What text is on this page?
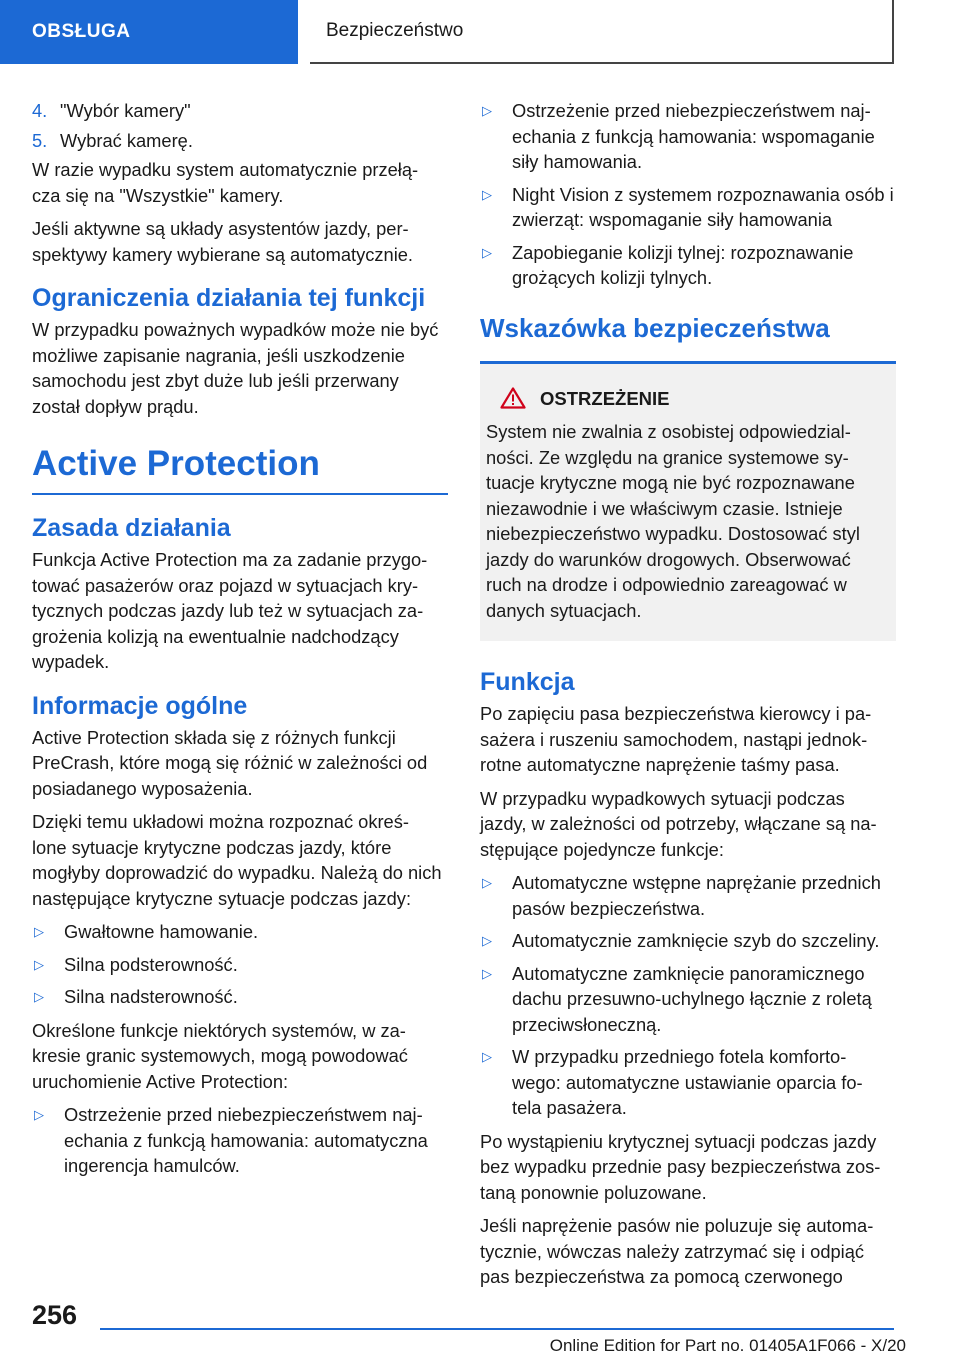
OBSŁUGA	Bezpieczeństwo
4. "Wybór kamery"
5. Wybrać kamerę.

W razie wypadku system automatycznie przełą‑ cza się na "Wszystkie" kamery.

Jeśli aktywne są układy asystentów jazdy, per‑ spektywy kamery wybierane są automatycznie.

Ograniczenia działania tej funkcji

W przypadku poważnych wypadków może nie być możliwe zapisanie nagrania, jeśli uszkodzenie samochodu jest zbyt duże lub jeśli przerwany został dopływ prądu.

Active Protection
Zasada działania

Funkcja Active Protection ma za zadanie przygo‑ tować pasażerów oraz pojazd w sytuacjach kry‑ tycznych podczas jazdy lub też w sytuacjach za‑ grożenia kolizją na ewentualnie nadchodzący wypadek.

Informacje ogólne

Active Protection składa się z różnych funkcji PreCrash, które mogą się różnić w zależności od posiadanego wyposażenia.

Dzięki temu układowi można rozpoznać okreś‑ lone sytuacje krytyczne podczas jazdy, które mogłyby doprowadzić do wypadku. Należą do nich następujące krytyczne sytuacje podczas jazdy:

▷	Gwałtowne hamowanie.
▷	Silna podsterowność.
▷	Silna nadsterowność.

Określone funkcje niektórych systemów, w za‑ kresie granic systemowych, mogą powodować uruchomienie Active Protection:

▷	Ostrzeżenie przed niebezpieczeństwem naj‑ echania z funkcją hamowania: automatyczna ingerencja hamulców.
▷	Ostrzeżenie przed niebezpieczeństwem naj‑ echania z funkcją hamowania: wspomaganie siły hamowania.
▷	Night Vision z systemem rozpoznawania osób i zwierząt: wspomaganie siły hamowania
▷	Zapobieganie kolizji tylnej: rozpoznawanie grożących kolizji tylnych.
Wskazówka bezpieczeństwa
OSTRZEŻENIE

System nie zwalnia z osobistej odpowiedzial‑ ności. Ze względu na granice systemowe sy‑ tuacje krytyczne mogą nie być rozpoznawane niezawodnie i we właściwym czasie. Istnieje niebezpieczeństwo wypadku. Dostosować styl jazdy do warunków drogowych. Obserwować ruch na drodze i odpowiednio zareagować w danych sytuacjach.

Funkcja

Po zapięciu pasa bezpieczeństwa kierowcy i pa‑ sażera i ruszeniu samochodem, nastąpi jednok‑ rotne automatyczne naprężenie taśmy pasa.

W przypadku wypadkowych sytuacji podczas jazdy, w zależności od potrzeby, włączane są na‑ stępujące pojedyncze funkcje:

▷	Automatyczne wstępne naprężanie przednich pasów bezpieczeństwa.
▷	Automatycznie zamknięcie szyb do szczeliny.
▷	Automatyczne zamknięcie panoramicznego dachu przesuwno-uchylnego łącznie z roletą przeciwsłoneczną.
▷	W przypadku przedniego fotela komforto‑ wego: automatyczne ustawianie oparcia fo‑ tela pasażera.

Po wystąpieniu krytycznej sytuacji podczas jazdy bez wypadku przednie pasy bezpieczeństwa zos‑ taną ponownie poluzowane.

Jeśli naprężenie pasów nie poluzuje się automa‑ tycznie, wówczas należy zatrzymać się i odpiąć pas bezpieczeństwa za pomocą czerwonego

256
Online Edition for Part no. 01405A1F066 - X/20
